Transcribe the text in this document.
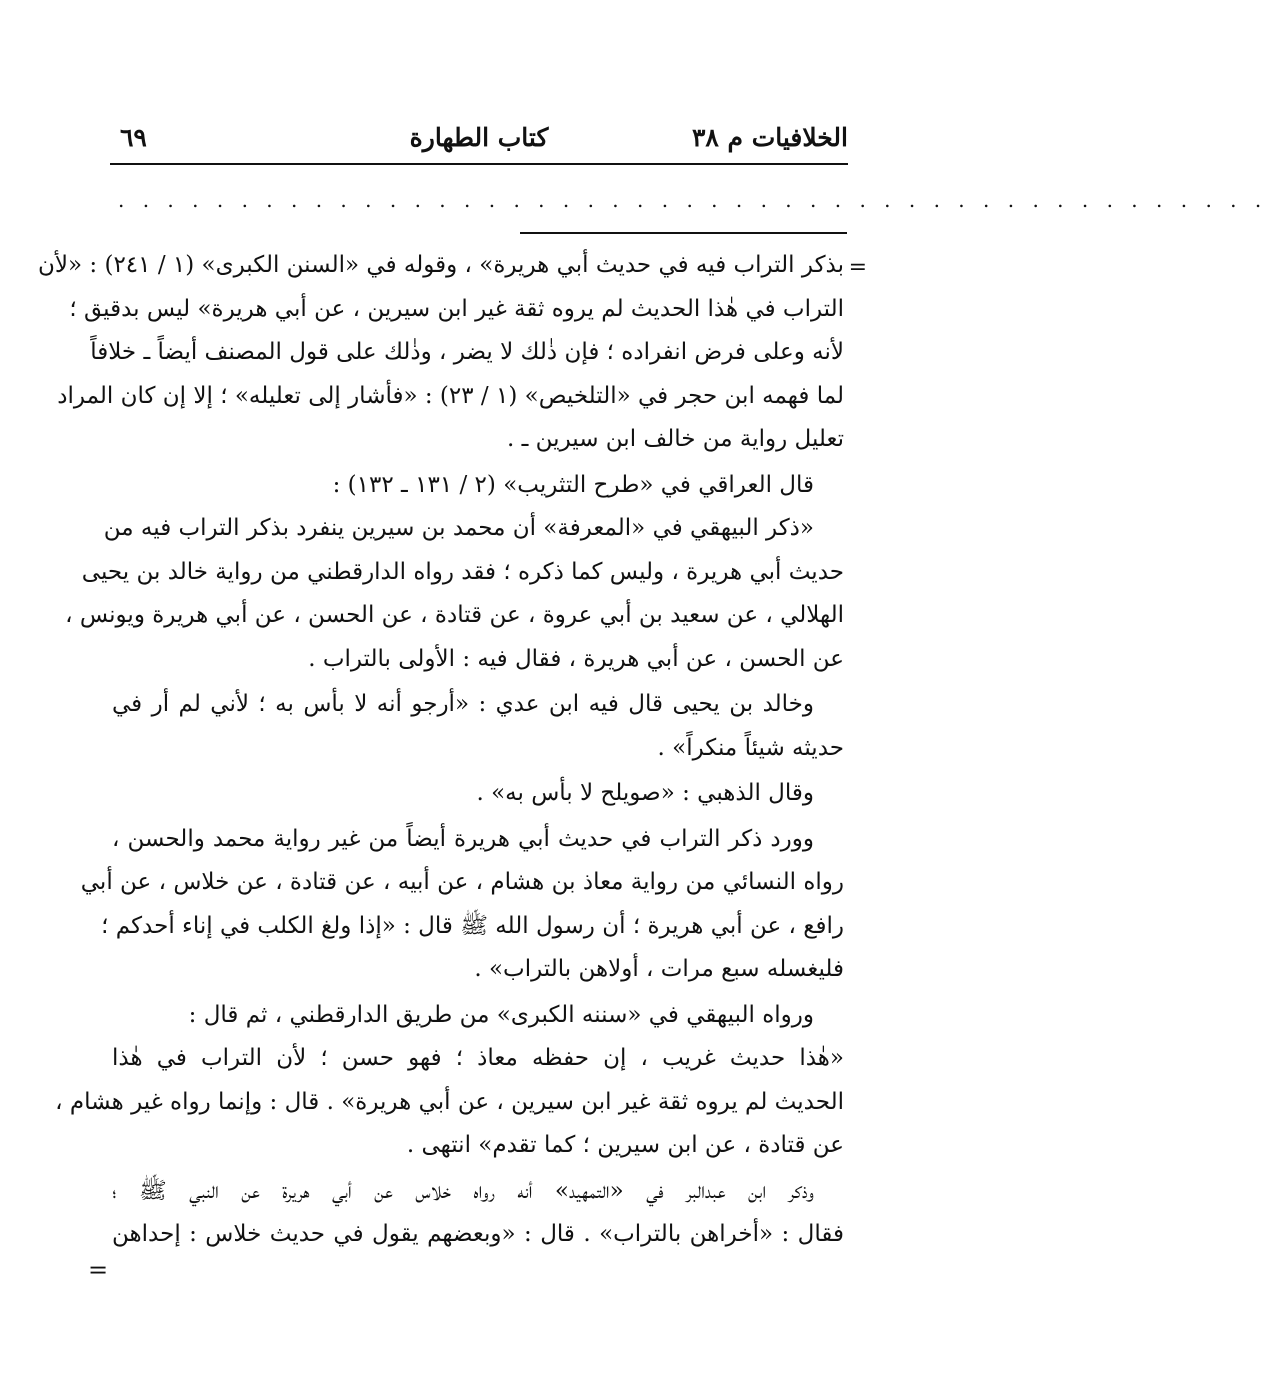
الخلافيات م ٣٨
كتاب الطهارة
٦٩
. . . . . . . . . . . . . . . . . . . . . . . . . . . . . . . . . . . . . . . . . . . . . . .
=
بذكر التراب فيه في حديث أبي هريرة» ، وقوله في «السنن الكبرى» (١ / ٢٤١) : «لأن
التراب في هٰذا الحديث لم يروه ثقة غير ابن سيرين ، عن أبي هريرة» ليس بدقيق ؛
لأنه وعلى فرض انفراده ؛ فإن ذٰلك لا يضر ، وذٰلك على قول المصنف أيضاً ـ خلافاً
لما فهمه ابن حجر في «التلخيص» (١ / ٢٣) : «فأشار إلى تعليله» ؛ إلا إن كان المراد
تعليل رواية من خالف ابن سيرين ـ .
قال العراقي في «طرح التثريب» (٢ / ١٣١ ـ ١٣٢) :
«ذكر البيهقي في «المعرفة» أن محمد بن سيرين ينفرد بذكر التراب فيه من
حديث أبي هريرة ، وليس كما ذكره ؛ فقد رواه الدارقطني من رواية خالد بن يحيى
الهلالي ، عن سعيد بن أبي عروة ، عن قتادة ، عن الحسن ، عن أبي هريرة ويونس ،
عن الحسن ، عن أبي هريرة ، فقال فيه : الأولى بالتراب .
وخالد بن يحيى قال فيه ابن عدي : «أرجو أنه لا بأس به ؛ لأني لم أر في
حديثه شيئاً منكراً» .
وقال الذهبي : «صويلح لا بأس به» .
وورد ذكر التراب في حديث أبي هريرة أيضاً من غير رواية محمد والحسن ،
رواه النسائي من رواية معاذ بن هشام ، عن أبيه ، عن قتادة ، عن خلاس ، عن أبي
رافع ، عن أبي هريرة ؛ أن رسول الله ﷺ قال : «إذا ولغ الكلب في إناء أحدكم ؛
فليغسله سبع مرات ، أولاهن بالتراب» .
ورواه البيهقي في «سننه الكبرى» من طريق الدارقطني ، ثم قال :
«هٰذا حديث غريب ، إن حفظه معاذ ؛ فهو حسن ؛ لأن التراب في هٰذا
الحديث لم يروه ثقة غير ابن سيرين ، عن أبي هريرة» . قال : وإنما رواه غير هشام ،
عن قتادة ، عن ابن سيرين ؛ كما تقدم» انتهى .
وذكر ابن عبدالبر في «التمهيد» أنه رواه خلاس عن أبي هريرة عن النبي ﷺ ؛
فقال : «أخراهن بالتراب» . قال : «وبعضهم يقول في حديث خلاس : إحداهن
=
